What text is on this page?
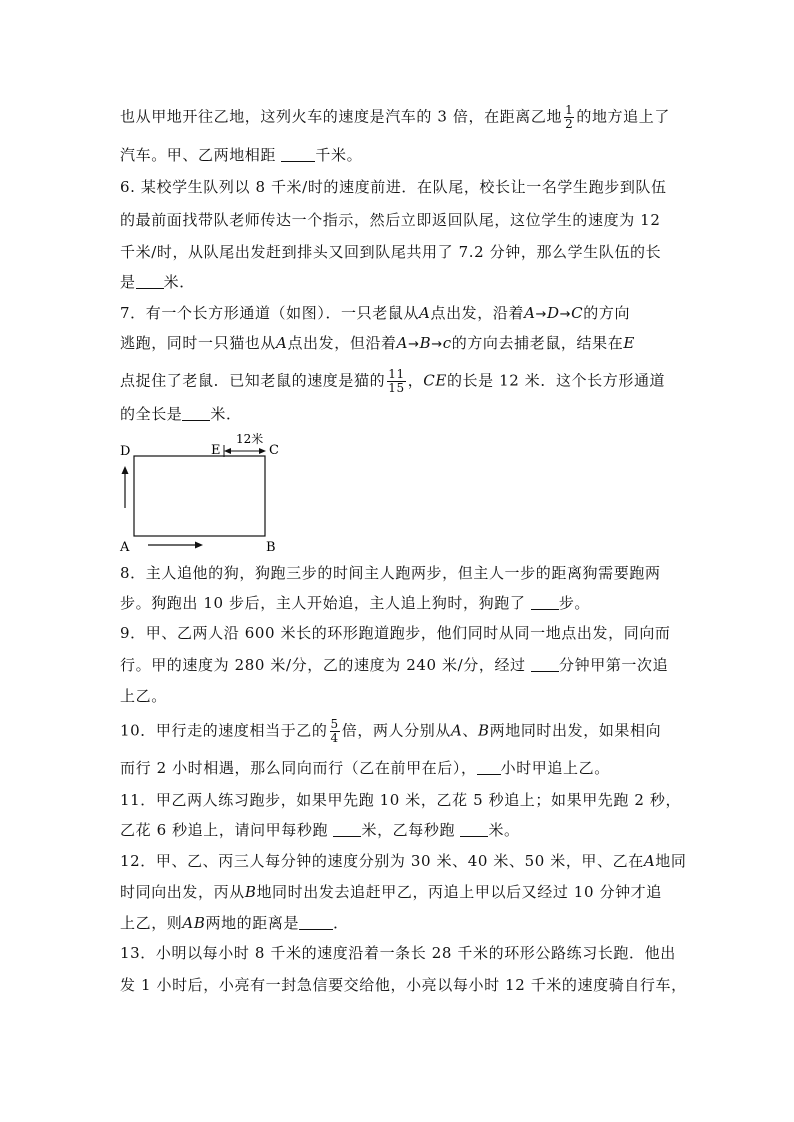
也从甲地开往乙地，这列火车的速度是汽车的 3 倍，在距离乙地 $\frac{1}{2}$ 的地方追上了
汽车。甲、乙两地相距	千米。
6. 某校学生队列以 8 千米/时的速度前进．在队尾，校长让一名学生跑步到队伍
的最前面找带队老师传达一个指示，然后立即返回队尾，这位学生的速度为 12
千米/时，从队尾出发赶到排头又回到队尾共用了 7.2 分钟，那么学生队伍的长
是 米．
7．有一个长方形通道（如图）．一只老鼠从A点出发，沿着A→D→C的方向
逃跑，同时一只猫也从A点出发，但沿着A→B→c的方向去捕老鼠，结果在E
点捉住了老鼠．已知老鼠的速度是猫的 $\frac{11}{15}$ ，CE的长是 12 米．这个长方形通道
的全长是 米．
12米
D	E	C
A	B
8．主人追他的狗，狗跑三步的时间主人跑两步，但主人一步的距离狗需要跑两
步。狗跑出 10 步后，主人开始追，主人追上狗时，狗跑了 步。
9．甲、乙两人沿 600 米长的环形跑道跑步，他们同时从同一地点出发，同向而
行。甲的速度为 280 米/分，乙的速度为 240 米/分，经过 分钟甲第一次追
上乙。
10．甲行走的速度相当于乙的 $\frac{5}{4}$ 倍，两人分别从A、B两地同时出发，如果相向
而行 2 小时相遇，那么同向而行（乙在前甲在后）， 小时甲追上乙。
11．甲乙两人练习跑步，如果甲先跑 10 米，乙花 5 秒追上；如果甲先跑 2 秒，
乙花 6 秒追上，请问甲每秒跑 米，乙每秒跑 米。
12．甲、乙、丙三人每分钟的速度分别为 30 米、40 米、50 米，甲、乙在A地同
时同向出发，丙从B地同时出发去追赶甲乙，丙追上甲以后又经过 10 分钟才追
上乙，则AB两地的距离是 ．
13．小明以每小时 8 千米的速度沿着一条长 28 千米的环形公路练习长跑．他出
发 1 小时后，小亮有一封急信要交给他，小亮以每小时 12 千米的速度骑自行车，
